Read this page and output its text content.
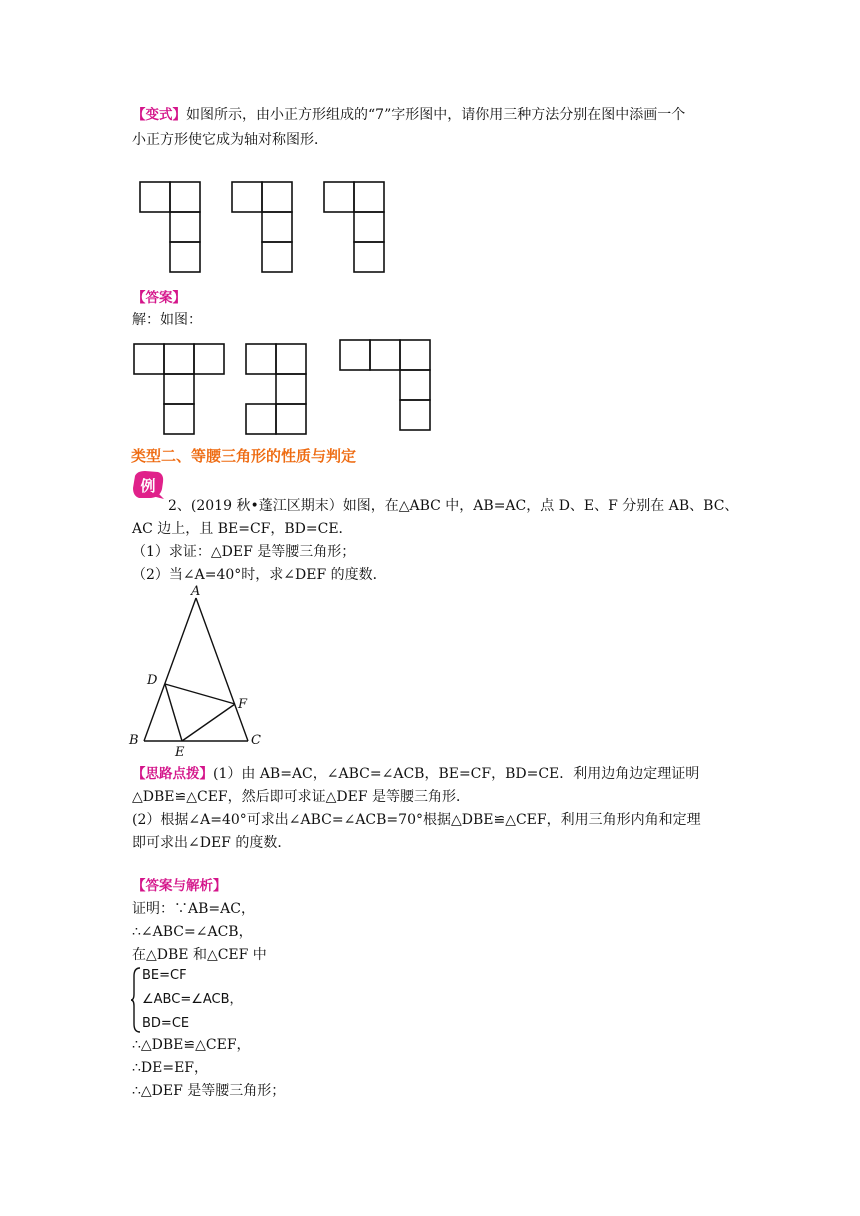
【变式】如图所示，由小正方形组成的“7”字形图中，请你用三种方法分别在图中添画一个
小正方形使它成为轴对称图形．
【答案】
解：如图：
类型二、等腰三角形的性质与判定
例
2、(2019 秋•蓬江区期末）如图，在△ABC 中，AB=AC，点 D、E、F 分别在 AB、BC、
AC 边上，且 BE=CF，BD=CE．
（1）求证：△DEF 是等腰三角形；
（2）当∠A=40°时，求∠DEF 的度数．
A
B	C
D
E
F
【思路点拨】(1）由 AB=AC，∠ABC=∠ACB，BE=CF，BD=CE．利用边角边定理证明
△DBE≌△CEF，然后即可求证△DEF 是等腰三角形．
(2）根据∠A=40°可求出∠ABC=∠ACB=70°根据△DBE≌△CEF，利用三角形内角和定理
即可求出∠DEF 的度数．
【答案与解析】
证明：∵AB=AC，
∴∠ABC=∠ACB，
在△DBE 和△CEF 中
BE=CF
∠ABC=∠ACB，
BD=CE
∴△DBE≌△CEF，
∴DE=EF，
∴△DEF 是等腰三角形；
